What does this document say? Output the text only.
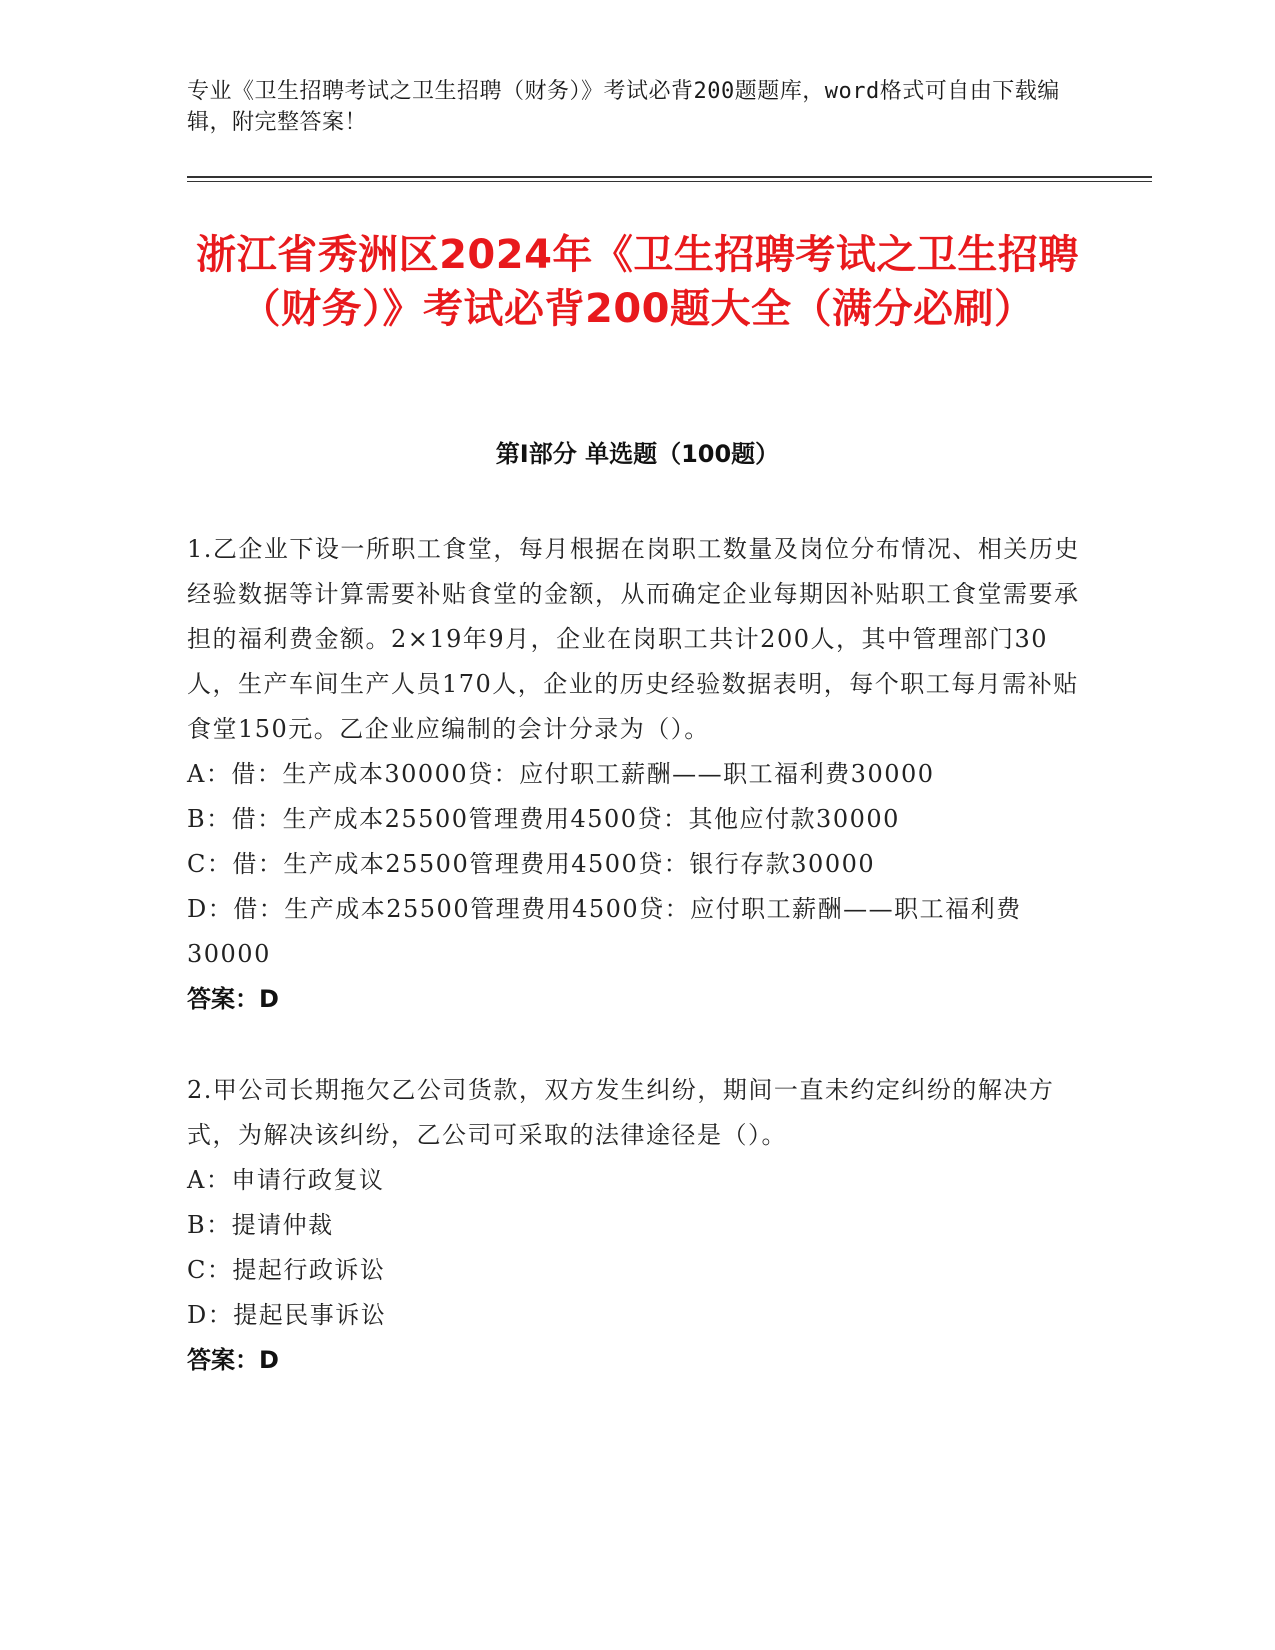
专业《卫生招聘考试之卫生招聘（财务）》考试必背200题题库，word格式可自由下载编辑，附完整答案！
浙江省秀洲区2024年《卫生招聘考试之卫生招聘（财务）》考试必背200题大全（满分必刷）
第Ⅰ部分 单选题（100题）

1.乙企业下设一所职工食堂，每月根据在岗职工数量及岗位分布情况、相关历史经验数据等计算需要补贴食堂的金额，从而确定企业每期因补贴职工食堂需要承担的福利费金额。2×19年9月，企业在岗职工共计200人，其中管理部门30人，生产车间生产人员170人，企业的历史经验数据表明，每个职工每月需补贴食堂150元。乙企业应编制的会计分录为（）。

A：借：生产成本30000贷：应付职工薪酬——职工福利费30000

B：借：生产成本25500管理费用4500贷：其他应付款30000

C：借：生产成本25500管理费用4500贷：银行存款30000

D：借：生产成本25500管理费用4500贷：应付职工薪酬——职工福利费30000

答案：D

2.甲公司长期拖欠乙公司货款，双方发生纠纷，期间一直未约定纠纷的解决方式，为解决该纠纷，乙公司可采取的法律途径是（）。

A：申请行政复议

B：提请仲裁

C：提起行政诉讼

D：提起民事诉讼

答案：D
